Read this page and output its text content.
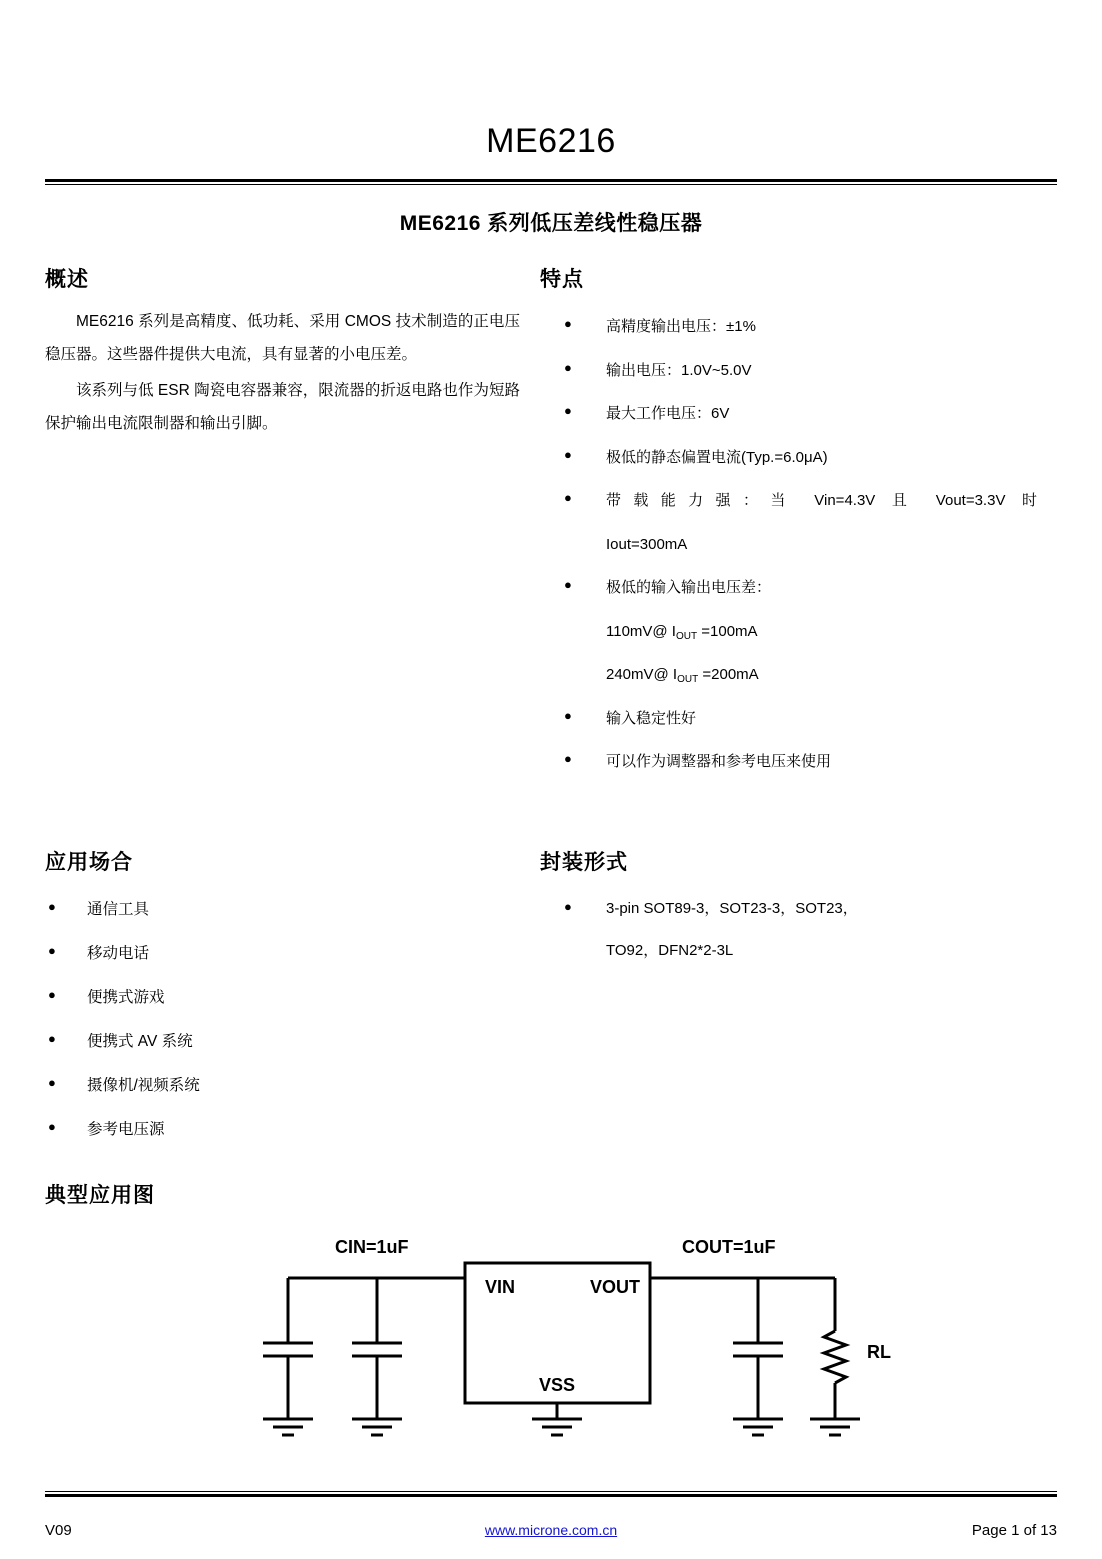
ME6216
ME6216 系列低压差线性稳压器
概述

ME6216 系列是高精度、低功耗、采用 CMOS 技术制造的正电压稳压器。这些器件提供大电流，具有显著的小电压差。

该系列与低 ESR 陶瓷电容器兼容，限流器的折返电路也作为短路保护输出电流限制器和输出引脚。

特点
● 高精度输出电压：±1%
● 输出电压：1.0V~5.0V
● 最大工作电压：6V
● 极低的静态偏置电流(Typ.=6.0μA)
● 带载能力强：当 Vin=4.3V 且 Vout=3.3V 时
Iout=300mA
● 极低的输入输出电压差：
110mV@ $I_{OUT} =100mA$
240mV@ $I_{OUT} =200mA$
● 输入稳定性好
● 可以作为调整器和参考电压来使用
应用场合
● 通信工具
● 移动电话
● 便携式游戏
● 便携式 AV 系统
● 摄像机/视频系统
● 参考电压源
封装形式
● 3-pin SOT89-3，SOT23-3，SOT23，
TO92，DFN2*2-3L
典型应用图
CIN=1uF	COUT=1uF
VIN	VOUT
VSS
RL
V09	www.microne.com.cn	Page 1 of 13
